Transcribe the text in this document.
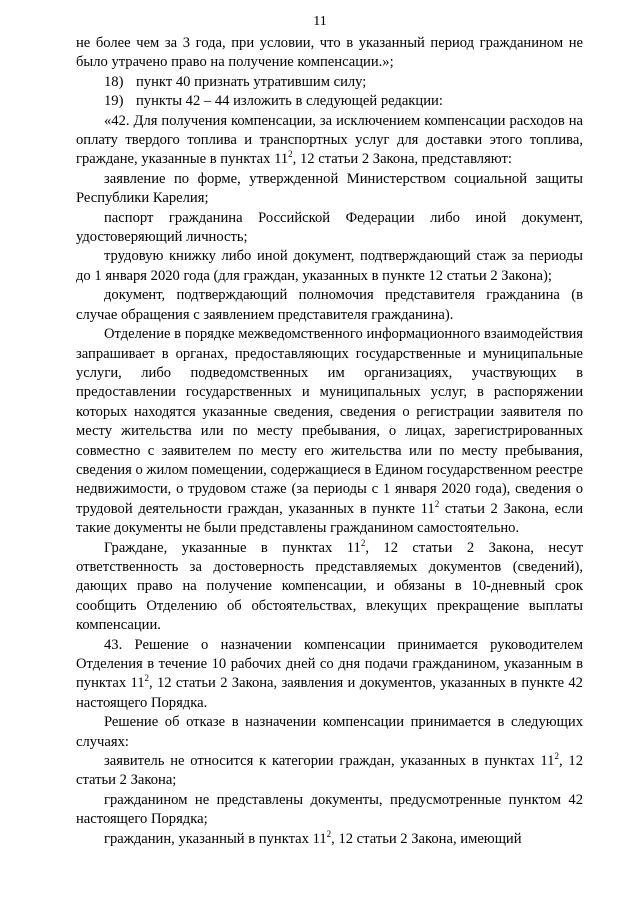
11

не более чем за 3 года, при условии, что в указанный период гражданином не было утрачено право на получение компенсации.»;

18) пункт 40 признать утратившим силу;
19) пункты 42 – 44 изложить в следующей редакции:

«42. Для получения компенсации, за исключением компенсации расходов на оплату твердого топлива и транспортных услуг для доставки этого топлива, граждане, указанные в пунктах $11^2$, 12 статьи 2 Закона, представляют:

заявление по форме, утвержденной Министерством социальной защиты Республики Карелия;

паспорт гражданина Российской Федерации либо иной документ, удостоверяющий личность;

трудовую книжку либо иной документ, подтверждающий стаж за периоды до 1 января 2020 года (для граждан, указанных в пункте 12 статьи 2 Закона);

документ, подтверждающий полномочия представителя гражданина (в случае обращения с заявлением представителя гражданина).

Отделение в порядке межведомственного информационного взаимодействия запрашивает в органах, предоставляющих государственные и муниципальные услуги, либо подведомственных им организациях, участвующих в предоставлении государственных и муниципальных услуг, в распоряжении которых находятся указанные сведения, сведения о регистрации заявителя по месту жительства или по месту пребывания, о лицах, зарегистрированных совместно с заявителем по месту его жительства или по месту пребывания, сведения о жилом помещении, содержащиеся в Едином государственном реестре недвижимости, о трудовом стаже (за периоды с 1 января 2020 года), сведения о трудовой деятельности граждан, указанных в пункте $11^2$ статьи 2 Закона, если такие документы не были представлены гражданином самостоятельно.

Граждане, указанные в пунктах $11^2$, 12 статьи 2 Закона, несут ответственность за достоверность представляемых документов (сведений), дающих право на получение компенсации, и обязаны в 10-дневный срок сообщить Отделению об обстоятельствах, влекущих прекращение выплаты компенсации.

43. Решение о назначении компенсации принимается руководителем Отделения в течение 10 рабочих дней со дня подачи гражданином, указанным в пунктах $11^2$, 12 статьи 2 Закона, заявления и документов, указанных в пункте 42 настоящего Порядка.

Решение об отказе в назначении компенсации принимается в следующих случаях:

заявитель не относится к категории граждан, указанных в пунктах $11^2$, 12 статьи 2 Закона;

гражданином не представлены документы, предусмотренные пунктом 42 настоящего Порядка;

гражданин, указанный в пунктах $11^2$, 12 статьи 2 Закона, имеющий
